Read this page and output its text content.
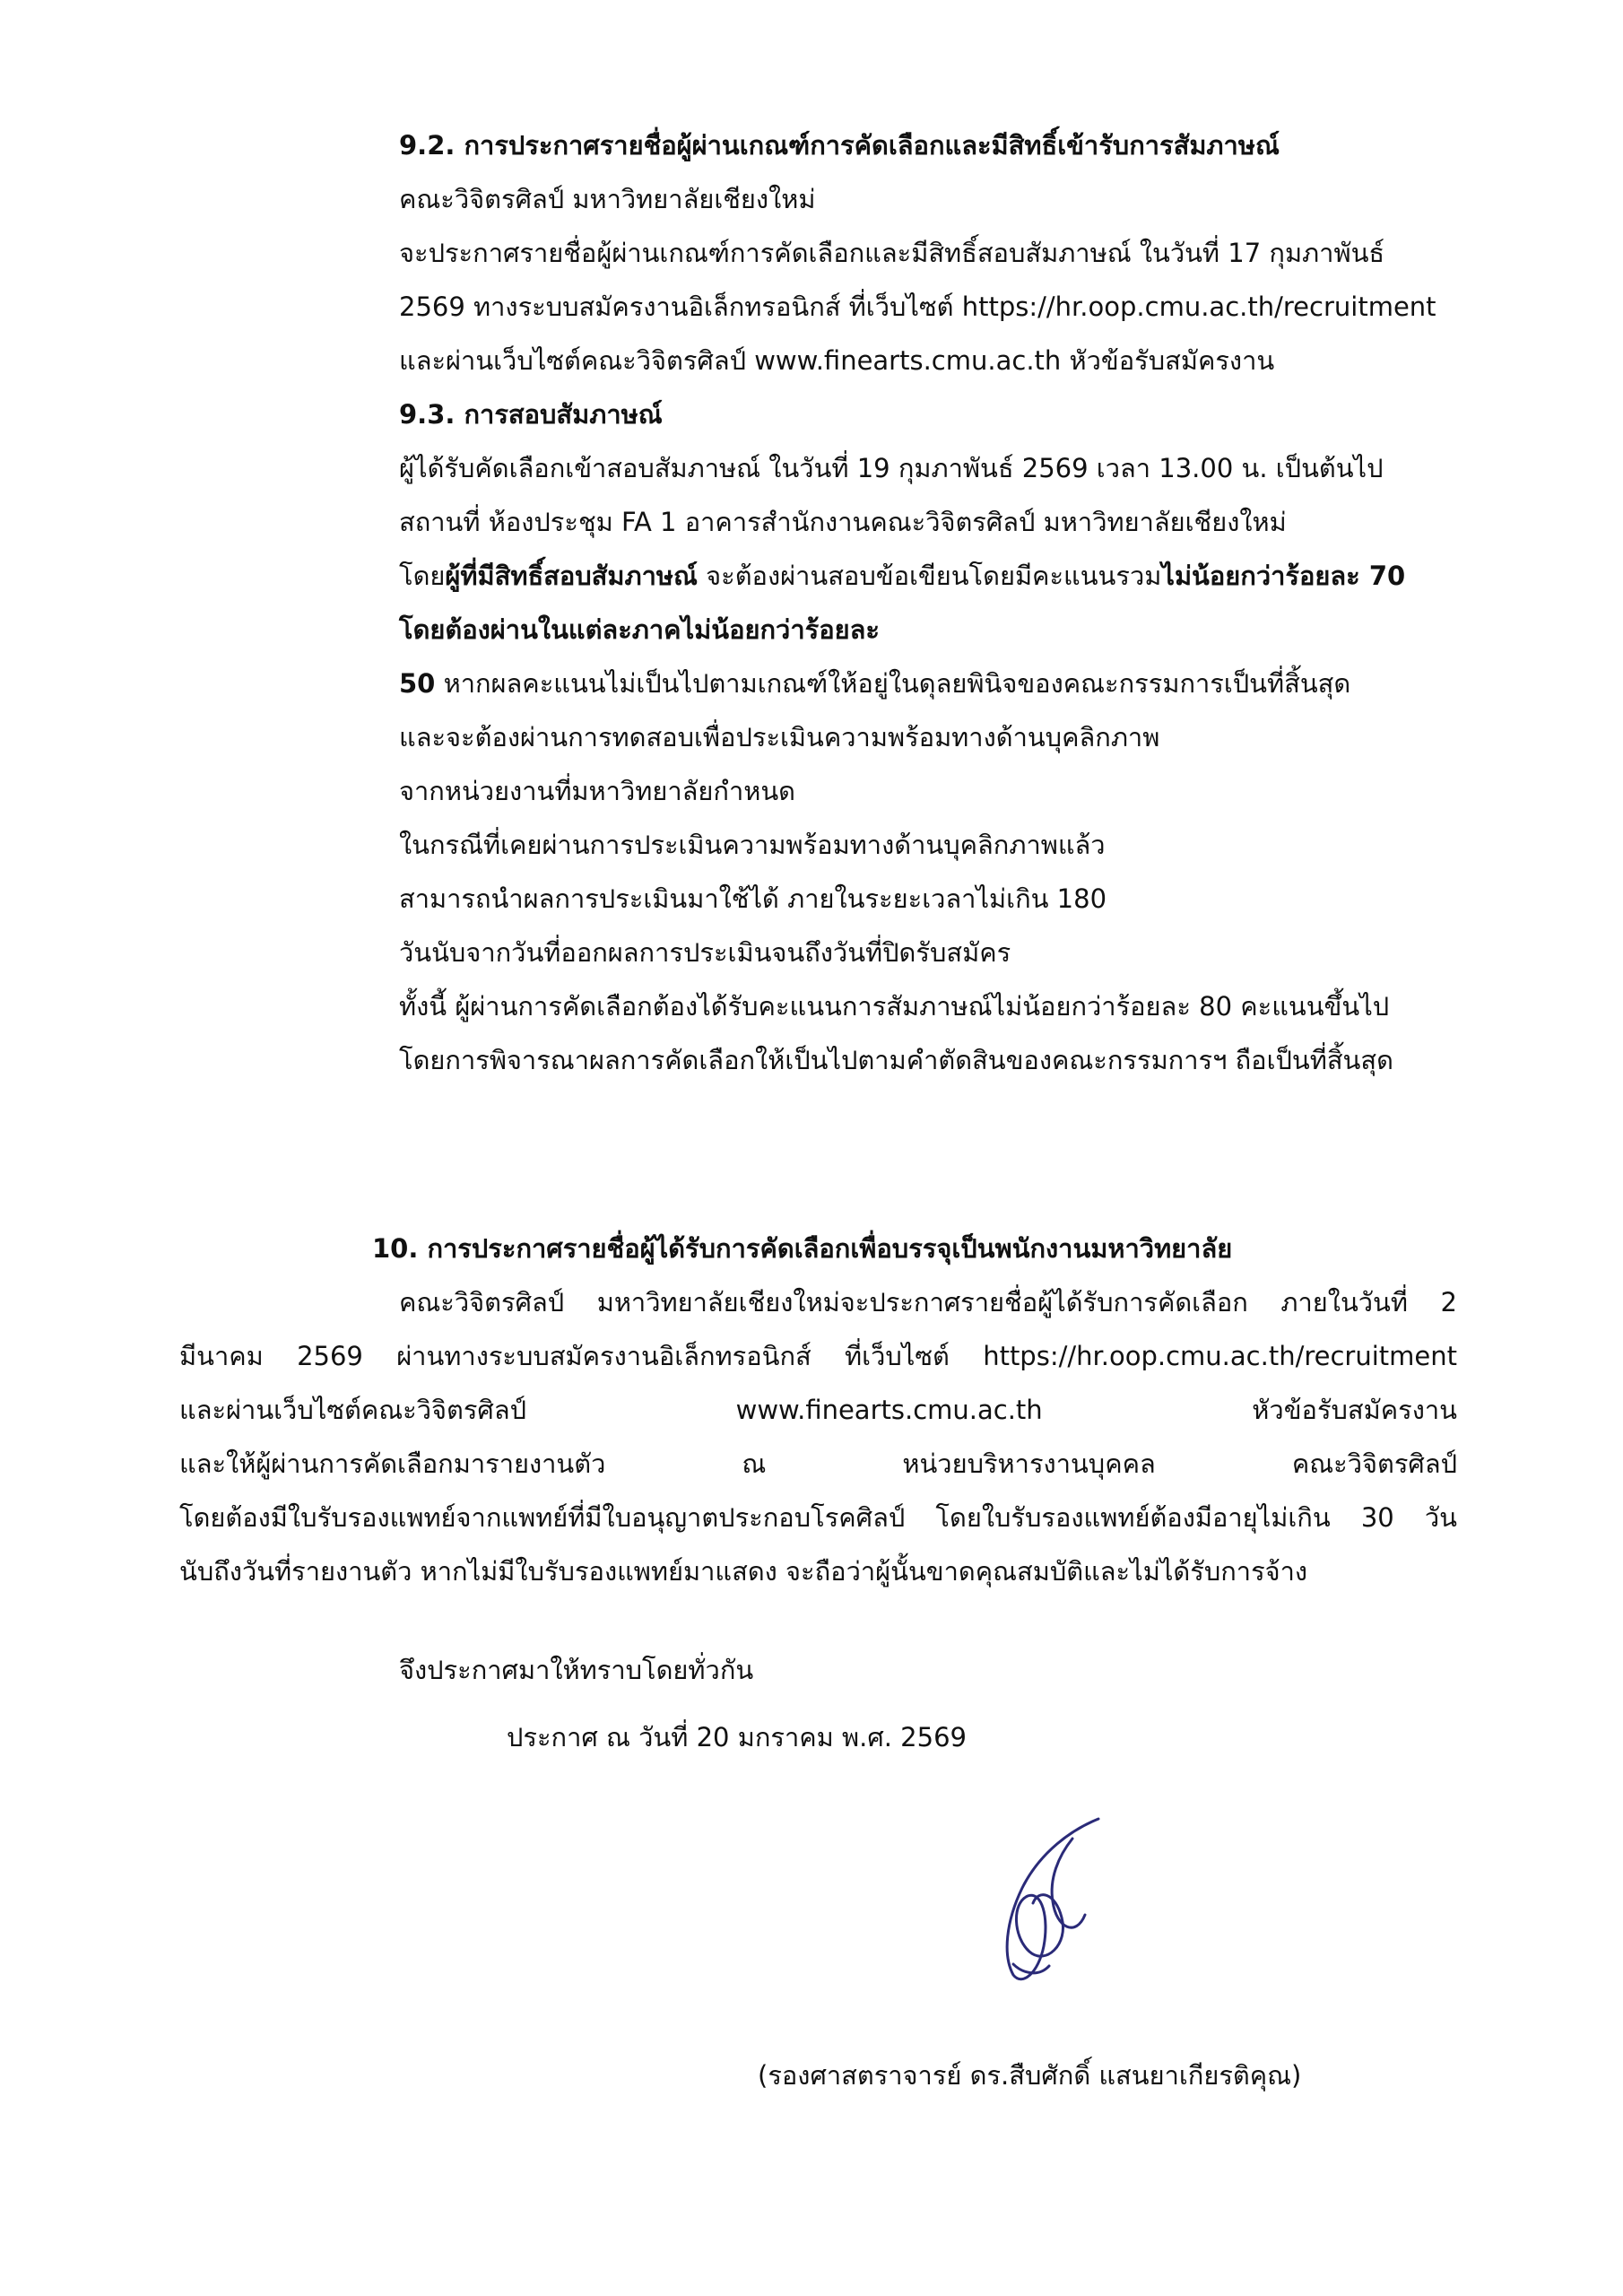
9.2. การประกาศรายชื่อผู้ผ่านเกณฑ์การคัดเลือกและมีสิทธิ์เข้ารับการสัมภาษณ์
คณะวิจิตรศิลป์ มหาวิทยาลัยเชียงใหม่
จะประกาศรายชื่อผู้ผ่านเกณฑ์การคัดเลือกและมีสิทธิ์สอบสัมภาษณ์ ในวันที่ 17 กุมภาพันธ์
2569 ทางระบบสมัครงานอิเล็กทรอนิกส์ ที่เว็บไซต์ https://hr.oop.cmu.ac.th/recruitment
และผ่านเว็บไซต์คณะวิจิตรศิลป์ www.finearts.cmu.ac.th หัวข้อรับสมัครงาน
9.3. การสอบสัมภาษณ์
ผู้ได้รับคัดเลือกเข้าสอบสัมภาษณ์ ในวันที่ 19 กุมภาพันธ์ 2569 เวลา 13.00 น. เป็นต้นไป
สถานที่ ห้องประชุม FA 1 อาคารสำนักงานคณะวิจิตรศิลป์ มหาวิทยาลัยเชียงใหม่
โดยผู้ที่มีสิทธิ์สอบสัมภาษณ์ จะต้องผ่านสอบข้อเขียนโดยมีคะแนนรวมไม่น้อยกว่าร้อยละ 70
โดยต้องผ่านในแต่ละภาคไม่น้อยกว่าร้อยละ
50 หากผลคะแนนไม่เป็นไปตามเกณฑ์ให้อยู่ในดุลยพินิจของคณะกรรมการเป็นที่สิ้นสุด
และจะต้องผ่านการทดสอบเพื่อประเมินความพร้อมทางด้านบุคลิกภาพ
จากหน่วยงานที่มหาวิทยาลัยกำหนด
ในกรณีที่เคยผ่านการประเมินความพร้อมทางด้านบุคลิกภาพแล้ว
สามารถนำผลการประเมินมาใช้ได้ ภายในระยะเวลาไม่เกิน 180
วันนับจากวันที่ออกผลการประเมินจนถึงวันที่ปิดรับสมัคร
ทั้งนี้ ผู้ผ่านการคัดเลือกต้องได้รับคะแนนการสัมภาษณ์ไม่น้อยกว่าร้อยละ 80 คะแนนขึ้นไป
โดยการพิจารณาผลการคัดเลือกให้เป็นไปตามคำตัดสินของคณะกรรมการฯ ถือเป็นที่สิ้นสุด
10. การประกาศรายชื่อผู้ได้รับการคัดเลือกเพื่อบรรจุเป็นพนักงานมหาวิทยาลัย
คณะวิจิตรศิลป์ มหาวิทยาลัยเชียงใหม่จะประกาศรายชื่อผู้ได้รับการคัดเลือก ภายในวันที่ 2
มีนาคม 2569 ผ่านทางระบบสมัครงานอิเล็กทรอนิกส์ ที่เว็บไซต์ https://hr.oop.cmu.ac.th/recruitment
และผ่านเว็บไซต์คณะวิจิตรศิลป์	www.finearts.cmu.ac.th	หัวข้อรับสมัครงาน
และให้ผู้ผ่านการคัดเลือกมารายงานตัว	ณ	หน่วยบริหารงานบุคคล	คณะวิจิตรศิลป์
โดยต้องมีใบรับรองแพทย์จากแพทย์ที่มีใบอนุญาตประกอบโรคศิลป์ โดยใบรับรองแพทย์ต้องมีอายุไม่เกิน 30 วัน
นับถึงวันที่รายงานตัว หากไม่มีใบรับรองแพทย์มาแสดง จะถือว่าผู้นั้นขาดคุณสมบัติและไม่ได้รับการจ้าง
จึงประกาศมาให้ทราบโดยทั่วกัน
ประกาศ ณ วันที่ 20 มกราคม พ.ศ. 2569
(รองศาสตราจารย์ ดร.สืบศักดิ์ แสนยาเกียรติคุณ)
